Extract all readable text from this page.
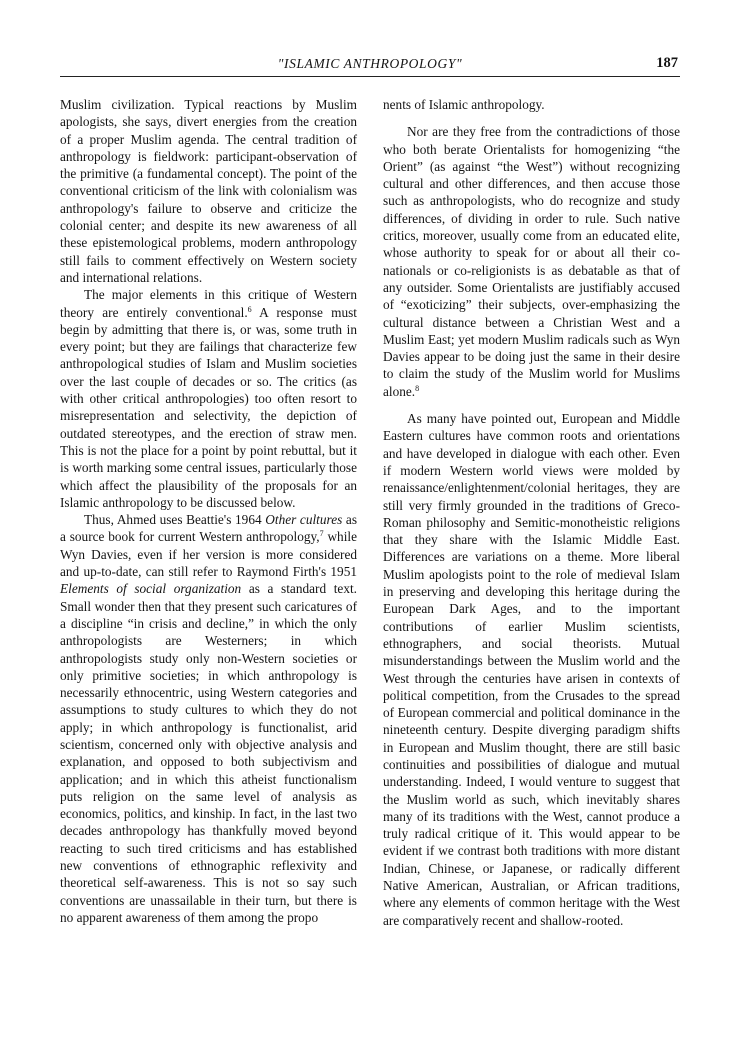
"ISLAMIC ANTHROPOLOGY"	187

Muslim civilization. Typical reactions by Muslim apologists, she says, divert energies from the creation of a proper Muslim agenda. The central tradition of anthropology is fieldwork: participant-observation of the primitive (a fundamental concept). The point of the conventional criticism of the link with colonialism was anthropology's failure to observe and criticize the colonial center; and despite its new awareness of all these epistemological problems, modern anthropology still fails to comment effectively on Western society and international relations.

The major elements in this critique of Western theory are entirely conventional.$^6$ A response must begin by admitting that there is, or was, some truth in every point; but they are failings that characterize few anthropological studies of Islam and Muslim societies over the last couple of decades or so. The critics (as with other critical anthropologies) too often resort to misrepresentation and selectivity, the depiction of outdated stereotypes, and the erection of straw men. This is not the place for a point by point rebuttal, but it is worth marking some central issues, particularly those which affect the plausibility of the proposals for an Islamic anthropology to be discussed below.

Thus, Ahmed uses Beattie's 1964 Other cultures as a source book for current Western anthropology,$^7$ while Wyn Davies, even if her version is more considered and up-to-date, can still refer to Raymond Firth's 1951 Elements of social organization as a standard text. Small wonder then that they present such caricatures of a discipline “in crisis and decline,” in which the only anthropologists are Westerners; in which anthropologists study only non-Western societies or only primitive societies; in which anthropology is necessarily ethnocentric, using Western categories and assumptions to study cultures to which they do not apply; in which anthropology is functionalist, arid scientism, concerned only with objective analysis and explanation, and opposed to both subjectivism and application; and in which this atheist functionalism puts religion on the same level of analysis as economics, politics, and kinship. In fact, in the last two decades anthropology has thankfully moved beyond reacting to such tired criticisms and has established new conventions of ethnographic reflexivity and theoretical self-awareness. This is not so say such conventions are unassailable in their turn, but there is no apparent awareness of them among the propo

nents of Islamic anthropology.

Nor are they free from the contradictions of those who both berate Orientalists for homogenizing “the Orient” (as against “the West”) without recognizing cultural and other differences, and then accuse those such as anthropologists, who do recognize and study differences, of dividing in order to rule. Such native critics, moreover, usually come from an educated elite, whose authority to speak for or about all their co-nationals or co-religionists is as debatable as that of any outsider. Some Orientalists are justifiably accused of “exoticizing” their subjects, over-emphasizing the cultural distance between a Christian West and a Muslim East; yet modern Muslim radicals such as Wyn Davies appear to be doing just the same in their desire to claim the study of the Muslim world for Muslims alone.$^8$

As many have pointed out, European and Middle Eastern cultures have common roots and orientations and have developed in dialogue with each other. Even if modern Western world views were molded by renaissance/enlightenment/colonial heritages, they are still very firmly grounded in the traditions of Greco-Roman philosophy and Semitic-monotheistic religions that they share with the Islamic Middle East. Differences are variations on a theme. More liberal Muslim apologists point to the role of medieval Islam in preserving and developing this heritage during the European Dark Ages, and to the important contributions of earlier Muslim scientists, ethnographers, and social theorists. Mutual misunderstandings between the Muslim world and the West through the centuries have arisen in contexts of political competition, from the Crusades to the spread of European commercial and political dominance in the nineteenth century. Despite diverging paradigm shifts in European and Muslim thought, there are still basic continuities and possibilities of dialogue and mutual understanding. Indeed, I would venture to suggest that the Muslim world as such, which inevitably shares many of its traditions with the West, cannot produce a truly radical critique of it. This would appear to be evident if we contrast both traditions with more distant Indian, Chinese, or Japanese, or radically different Native American, Australian, or African traditions, where any elements of common heritage with the West are comparatively recent and shallow-rooted.
